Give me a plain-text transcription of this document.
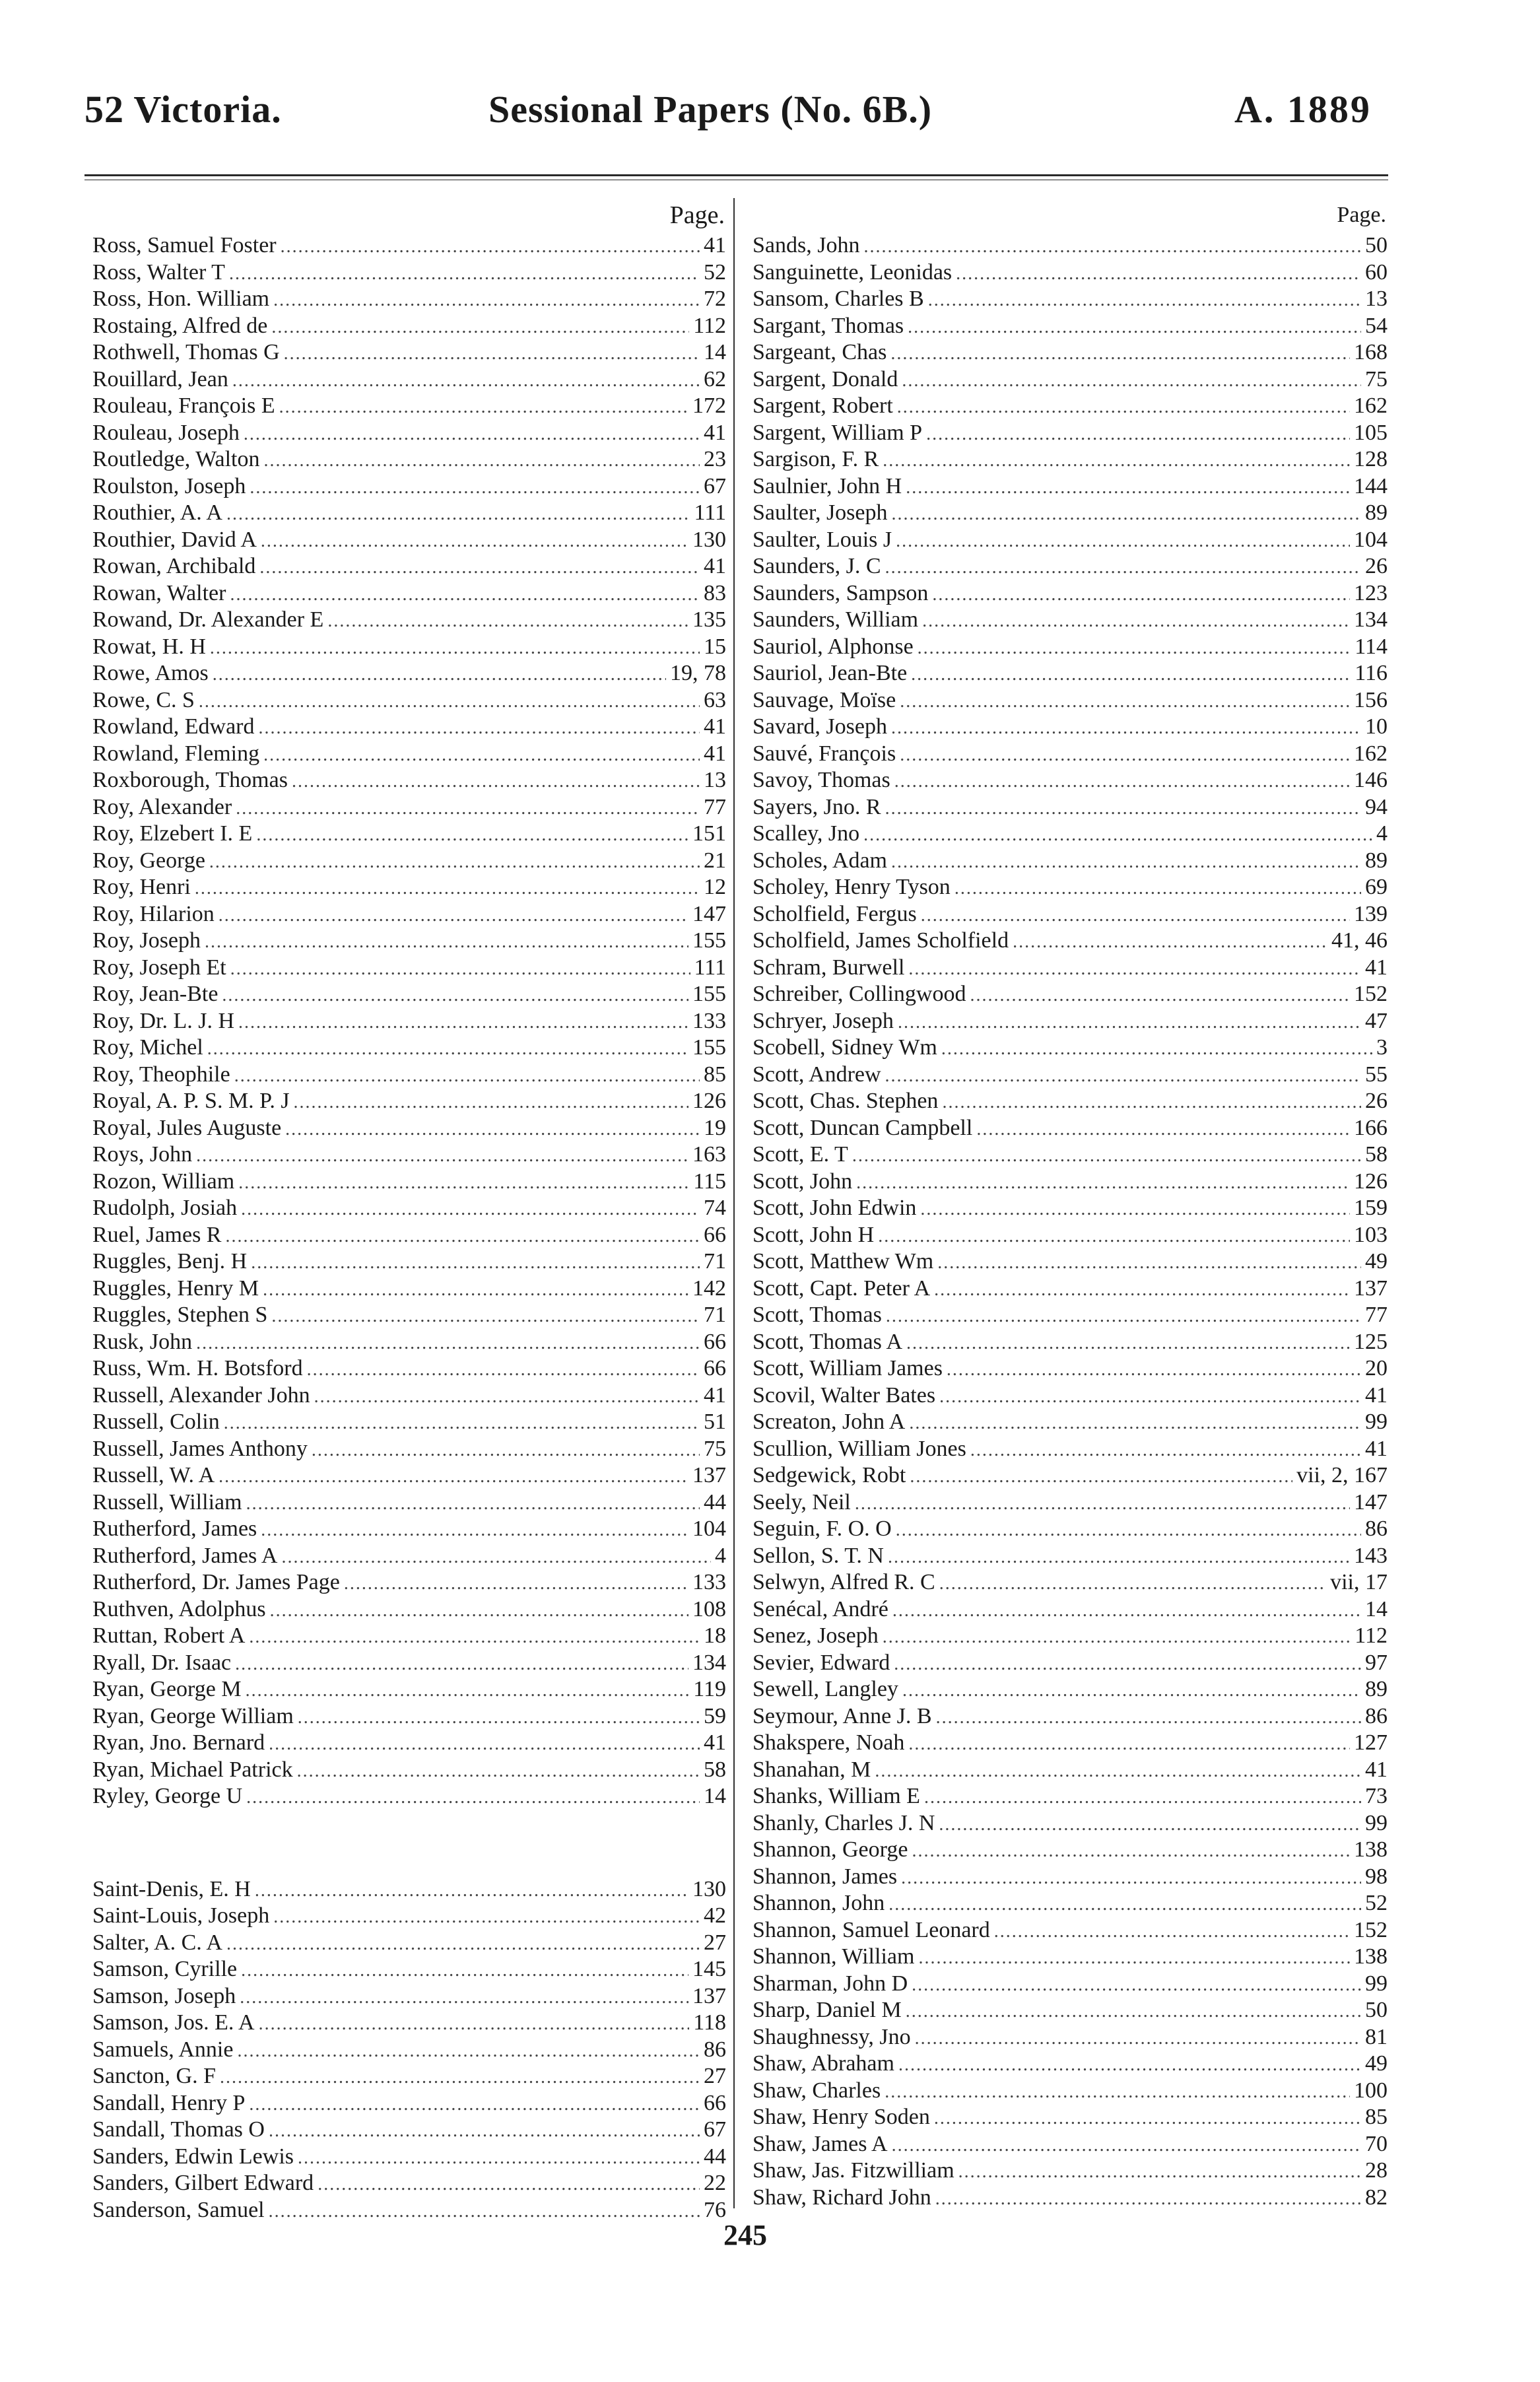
52 Victoria.	Sessional Papers (No. 6B.)	A. 1889
Page.
Ross, Samuel Foster .....	41
Ross, Walter T .....	52
Ross, Hon. William .....	72
Rostaing, Alfred de .....	112
Rothwell, Thomas G .....	14
Rouillard, Jean .....	62
Rouleau, François E .....	172
Rouleau, Joseph .....	41
Routledge, Walton .....	23
Roulston, Joseph .....	67
Routhier, A. A .....	111
Routhier, David A .....	130
Rowan, Archibald .....	41
Rowan, Walter .....	83
Rowand, Dr. Alexander E .....	135
Rowat, H. H .....	15
Rowe, Amos .....	19, 78
Rowe, C. S .....	63
Rowland, Edward .....	41
Rowland, Fleming .....	41
Roxborough, Thomas .....	13
Roy, Alexander .....	77
Roy, Elzebert I. E .....	151
Roy, George .....	21
Roy, Henri .....	12
Roy, Hilarion .....	147
Roy, Joseph .....	155
Roy, Joseph Et .....	111
Roy, Jean-Bte .....	155
Roy, Dr. L. J. H .....	133
Roy, Michel .....	155
Roy, Theophile .....	85
Royal, A. P. S. M. P. J .....	126
Royal, Jules Auguste .....	19
Roys, John .....	163
Rozon, William .....	115
Rudolph, Josiah .....	74
Ruel, James R .....	66
Ruggles, Benj. H .....	71
Ruggles, Henry M .....	142
Ruggles, Stephen S .....	71
Rusk, John .....	66
Russ, Wm. H. Botsford .....	66
Russell, Alexander John .....	41
Russell, Colin .....	51
Russell, James Anthony .....	75
Russell, W. A .....	137
Russell, William .....	44
Rutherford, James .....	104
Rutherford, James A .....	4
Rutherford, Dr. James Page .....	133
Ruthven, Adolphus .....	108
Ruttan, Robert A .....	18
Ryall, Dr. Isaac .....	134
Ryan, George M .....	119
Ryan, George William .....	59
Ryan, Jno. Bernard .....	41
Ryan, Michael Patrick .....	58
Ryley, George U .....	14
Saint-Denis, E. H .....	130
Saint-Louis, Joseph .....	42
Salter, A. C. A .....	27
Samson, Cyrille .....	145
Samson, Joseph .....	137
Samson, Jos. E. A .....	118
Samuels, Annie .....	86
Sancton, G. F .....	27
Sandall, Henry P .....	66
Sandall, Thomas O .....	67
Sanders, Edwin Lewis .....	44
Sanders, Gilbert Edward .....	22
Sanderson, Samuel .....	76
Page.
Sands, John .....	50
Sanguinette, Leonidas .....	60
Sansom, Charles B .....	13
Sargant, Thomas .....	54
Sargeant, Chas .....	168
Sargent, Donald .....	75
Sargent, Robert .....	162
Sargent, William P .....	105
Sargison, F. R .....	128
Saulnier, John H .....	144
Saulter, Joseph .....	89
Saulter, Louis J .....	104
Saunders, J. C .....	26
Saunders, Sampson .....	123
Saunders, William .....	134
Sauriol, Alphonse .....	114
Sauriol, Jean-Bte .....	116
Sauvage, Moïse .....	156
Savard, Joseph .....	10
Sauvé, François .....	162
Savoy, Thomas .....	146
Sayers, Jno. R .....	94
Scalley, Jno .....	4
Scholes, Adam .....	89
Scholey, Henry Tyson .....	69
Scholfield, Fergus .....	139
Scholfield, James Scholfield .....	41, 46
Schram, Burwell .....	41
Schreiber, Collingwood .....	152
Schryer, Joseph .....	47
Scobell, Sidney Wm .....	3
Scott, Andrew .....	55
Scott, Chas. Stephen .....	26
Scott, Duncan Campbell .....	166
Scott, E. T .....	58
Scott, John .....	126
Scott, John Edwin .....	159
Scott, John H .....	103
Scott, Matthew Wm .....	49
Scott, Capt. Peter A .....	137
Scott, Thomas .....	77
Scott, Thomas A .....	125
Scott, William James .....	20
Scovil, Walter Bates .....	41
Screaton, John A .....	99
Scullion, William Jones .....	41
Sedgewick, Robt .....	vii, 2, 167
Seely, Neil .....	147
Seguin, F. O. O .....	86
Sellon, S. T. N .....	143
Selwyn, Alfred R. C .....	vii, 17
Senécal, André .....	14
Senez, Joseph .....	112
Sevier, Edward .....	97
Sewell, Langley .....	89
Seymour, Anne J. B .....	86
Shakspere, Noah .....	127
Shanahan, M .....	41
Shanks, William E .....	73
Shanly, Charles J. N .....	99
Shannon, George .....	138
Shannon, James .....	98
Shannon, John .....	52
Shannon, Samuel Leonard .....	152
Shannon, William .....	138
Sharman, John D .....	99
Sharp, Daniel M .....	50
Shaughnessy, Jno .....	81
Shaw, Abraham .....	49
Shaw, Charles .....	100
Shaw, Henry Soden .....	85
Shaw, James A .....	70
Shaw, Jas. Fitzwilliam .....	28
Shaw, Richard John .....	82
245
